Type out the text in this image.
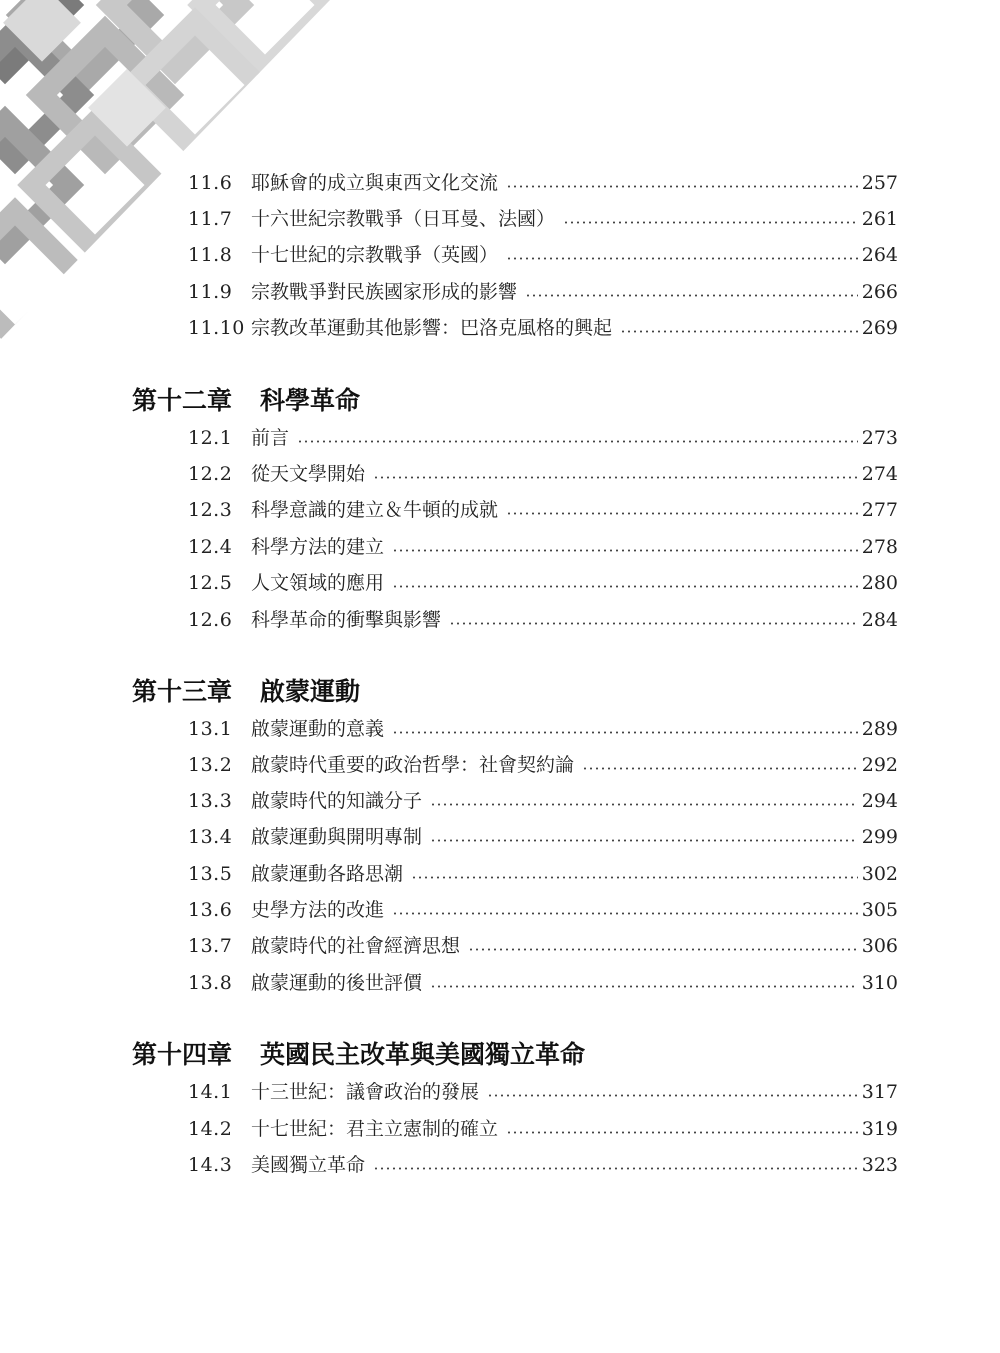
11.6 耶穌會的成立與東西文化交流	257
11.7 十六世紀宗教戰爭（日耳曼、法國）	261
11.8 十七世紀的宗教戰爭（英國）	264
11.9 宗教戰爭對民族國家形成的影響	266
11.10 宗教改革運動其他影響：巴洛克風格的興起	269
第十二章 科學革命
12.1 前言	273
12.2 從天文學開始	274
12.3 科學意識的建立＆牛頓的成就	277
12.4 科學方法的建立	278
12.5 人文領域的應用	280
12.6 科學革命的衝擊與影響	284
第十三章 啟蒙運動
13.1 啟蒙運動的意義	289
13.2 啟蒙時代重要的政治哲學：社會契約論	292
13.3 啟蒙時代的知識分子	294
13.4 啟蒙運動與開明專制	299
13.5 啟蒙運動各路思潮	302
13.6 史學方法的改進	305
13.7 啟蒙時代的社會經濟思想	306
13.8 啟蒙運動的後世評價	310
第十四章 英國民主改革與美國獨立革命
14.1 十三世紀：議會政治的發展	317
14.2 十七世紀：君主立憲制的確立	319
14.3 美國獨立革命	323
